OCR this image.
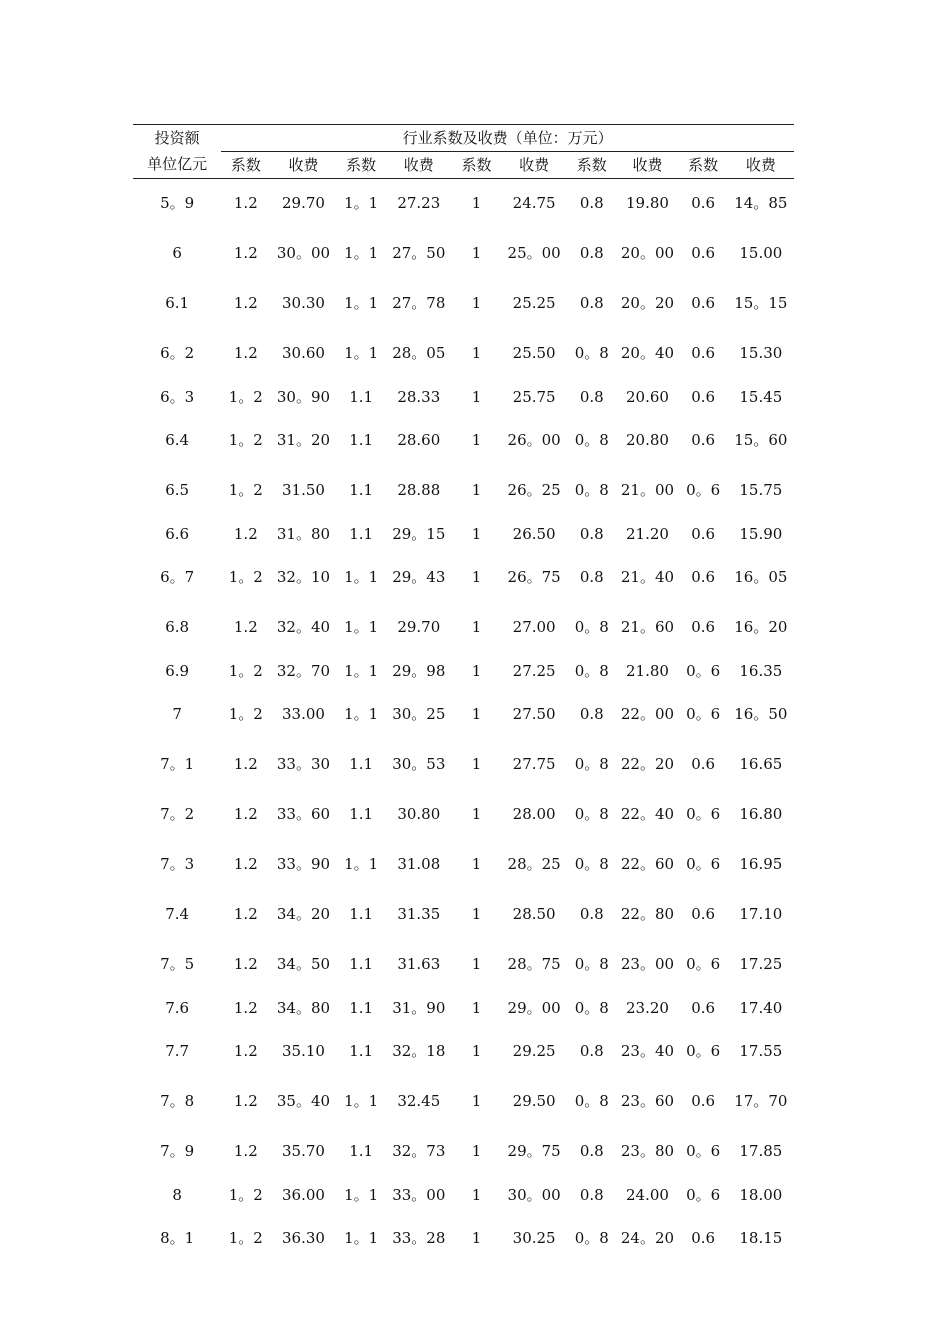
投资额	行业系数及收费（单位：万元）									
单位亿元	系数	收费	系数	收费	系数	收费	系数	收费	系数	收费
5。9	1.2	29.70	1。1	27.23	1	24.75	0.8	19.80	0.6	14。85
6	1.2	30。00	1。1	27。50	1	25。00	0.8	20。00	0.6	15.00
6.1	1.2	30.30	1。1	27。78	1	25.25	0.8	20。20	0.6	15。15
6。2	1.2	30.60	1。1	28。05	1	25.50	0。8	20。40	0.6	15.30
6。3	1。2	30。90	1.1	28.33	1	25.75	0.8	20.60	0.6	15.45
6.4	1。2	31。20	1.1	28.60	1	26。00	0。8	20.80	0.6	15。60
6.5	1。2	31.50	1.1	28.88	1	26。25	0。8	21。00	0。6	15.75
6.6	1.2	31。80	1.1	29。15	1	26.50	0.8	21.20	0.6	15.90
6。7	1。2	32。10	1。1	29。43	1	26。75	0.8	21。40	0.6	16。05
6.8	1.2	32。40	1。1	29.70	1	27.00	0。8	21。60	0.6	16。20
6.9	1。2	32。70	1。1	29。98	1	27.25	0。8	21.80	0。6	16.35
7	1。2	33.00	1。1	30。25	1	27.50	0.8	22。00	0。6	16。50
7。1	1.2	33。30	1.1	30。53	1	27.75	0。8	22。20	0.6	16.65
7。2	1.2	33。60	1.1	30.80	1	28.00	0。8	22。40	0。6	16.80
7。3	1.2	33。90	1。1	31.08	1	28。25	0。8	22。60	0。6	16.95
7.4	1.2	34。20	1.1	31.35	1	28.50	0.8	22。80	0.6	17.10
7。5	1.2	34。50	1.1	31.63	1	28。75	0。8	23。00	0。6	17.25
7.6	1.2	34。80	1.1	31。90	1	29。00	0。8	23.20	0.6	17.40
7.7	1.2	35.10	1.1	32。18	1	29.25	0.8	23。40	0。6	17.55
7。8	1.2	35。40	1。1	32.45	1	29.50	0。8	23。60	0.6	17。70
7。9	1.2	35.70	1.1	32。73	1	29。75	0.8	23。80	0。6	17.85
8	1。2	36.00	1。1	33。00	1	30。00	0.8	24.00	0。6	18.00
8。1	1。2	36.30	1。1	33。28	1	30.25	0。8	24。20	0.6	18.15
